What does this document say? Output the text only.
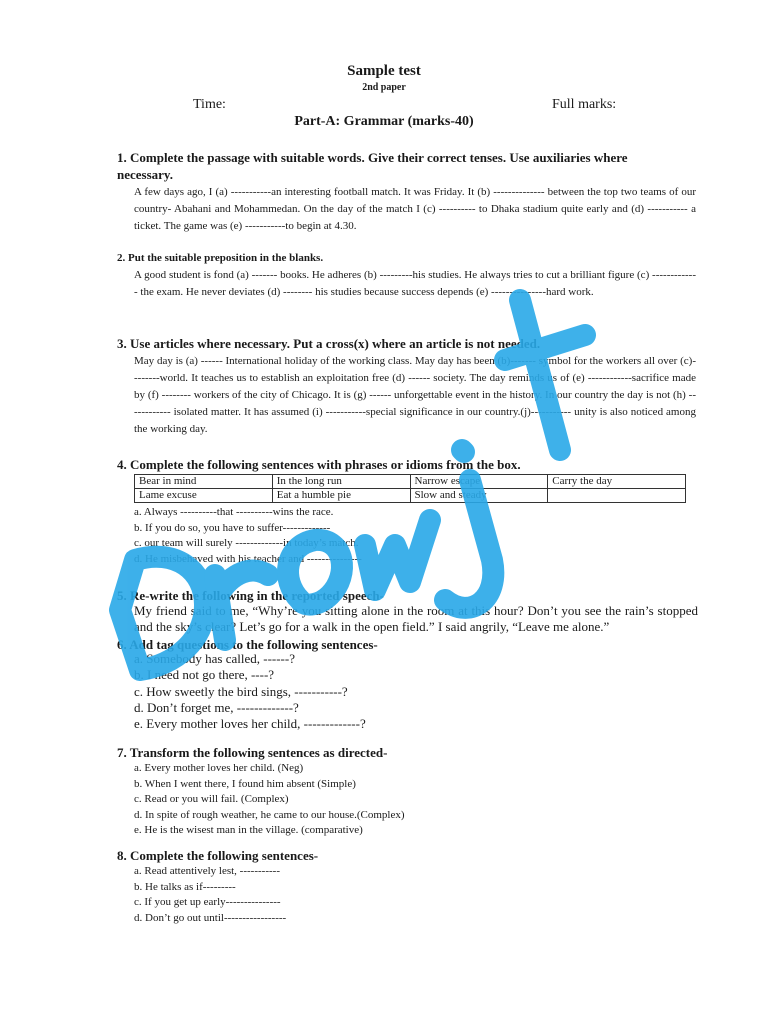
Sample test
2nd paper
Time:	Full marks:
Part-A: Grammar (marks-40)
1. Complete the passage with suitable words. Give their correct tenses. Use auxiliaries where necessary.
A few days ago, I (a) -----------an interesting football match. It was Friday. It (b) -------------- between the top two teams of our country- Abahani and Mohammedan. On the day of the match I (c) ---------- to Dhaka stadium quite early and (d) ----------- a ticket. The game was (e) -----------to begin at 4.30.
2. Put the suitable preposition in the blanks.
A good student is fond (a) ------- books. He adheres (b) ---------his studies. He always tries to cut a brilliant figure (c) ------------- the exam. He never deviates (d) -------- his studies because success depends (e) ---------------hard work.
3. Use articles where necessary. Put a cross(x) where an article is not needed.
May day is (a) ------ International holiday of the working class. May day has been (b)------- symbol for the workers all over (c)--------world. It teaches us to establish an exploitation free (d) ------ society. The day reminds us of (e) ------------sacrifice made by (f) -------- workers of the city of Chicago. It is (g) ------ unforgettable event in the history. In our country the day is not (h) ------------ isolated matter. It has assumed (i) -----------special significance in our country.(j)----------- unity is also noticed among the working day.
4. Complete the following sentences with phrases or idioms from the box.
Bear in mind	In the long run	Narrow escape	Carry the day
Lame excuse	Eat a humble pie	Slow and steady	
a. Always ----------that ----------wins the race.
b. If you do so, you have to suffer-------------
c. our team will surely -------------in today’s match.
d. He misbehaved with his teacher and ---------------
5. Re-write the following in the reported speech-
My friend said to me, “Why’re you sitting alone in the room at this hour? Don’t you see the rain’s stopped and the sky’s clear? Let’s go for a walk in the open field.” I said angrily, “Leave me alone.”
6. Add tag questions to the following sentences-
a. Somebody has called, ------?
b. I need not go there, ----?
c. How sweetly the bird sings, -----------?
d. Don’t forget me, -------------?
e. Every mother loves her child, -------------?
7. Transform the following sentences as directed-
a. Every mother loves her child. (Neg)
b. When I went there, I found him absent (Simple)
c. Read or you will fail. (Complex)
d. In spite of rough weather, he came to our house.(Complex)
e. He is the wisest man in the village. (comparative)
8. Complete the following sentences-
a. Read attentively lest, -----------
b. He talks as if---------
c. If you get up early---------------
d. Don’t go out until-----------------
